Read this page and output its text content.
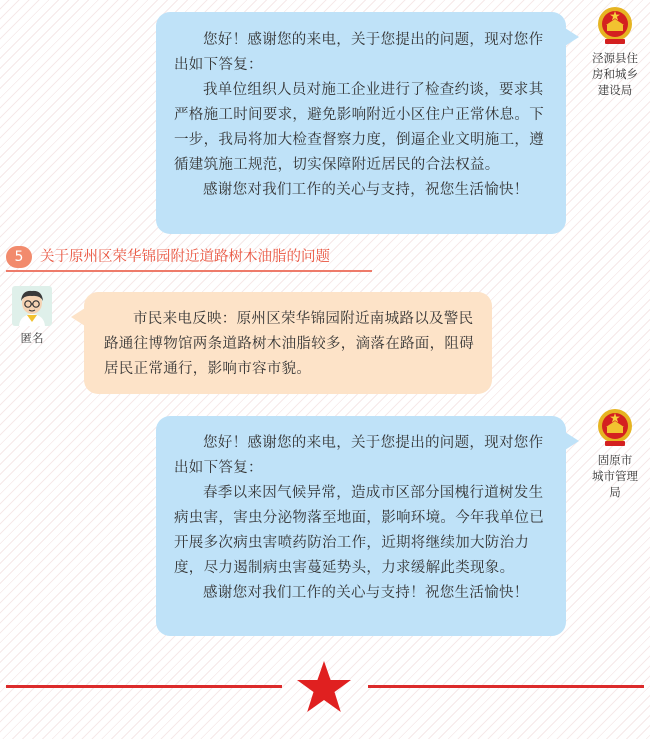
您好！感谢您的来电，关于您提出的问题，现对您作出如下答复：

我单位组织人员对施工企业进行了检查约谈，要求其严格施工时间要求，避免影响附近小区住户正常休息。下一步，我局将加大检查督察力度，倒逼企业文明施工，遵循建筑施工规范，切实保障附近居民的合法权益。

感谢您对我们工作的关心与支持，祝您生活愉快！

泾源县住
房和城乡
建设局
5	关于原州区荣华锦园附近道路树木油脂的问题
匿名

市民来电反映：原州区荣华锦园附近南城路以及警民路通往博物馆两条道路树木油脂较多，滴落在路面，阻碍居民正常通行，影响市容市貌。

您好！感谢您的来电，关于您提出的问题，现对您作出如下答复：

春季以来因气候异常，造成市区部分国槐行道树发生病虫害，害虫分泌物落至地面，影响环境。今年我单位已开展多次病虫害喷药防治工作，近期将继续加大防治力度，尽力遏制病虫害蔓延势头，力求缓解此类现象。

感谢您对我们工作的关心与支持！祝您生活愉快！

固原市
城市管理
局
